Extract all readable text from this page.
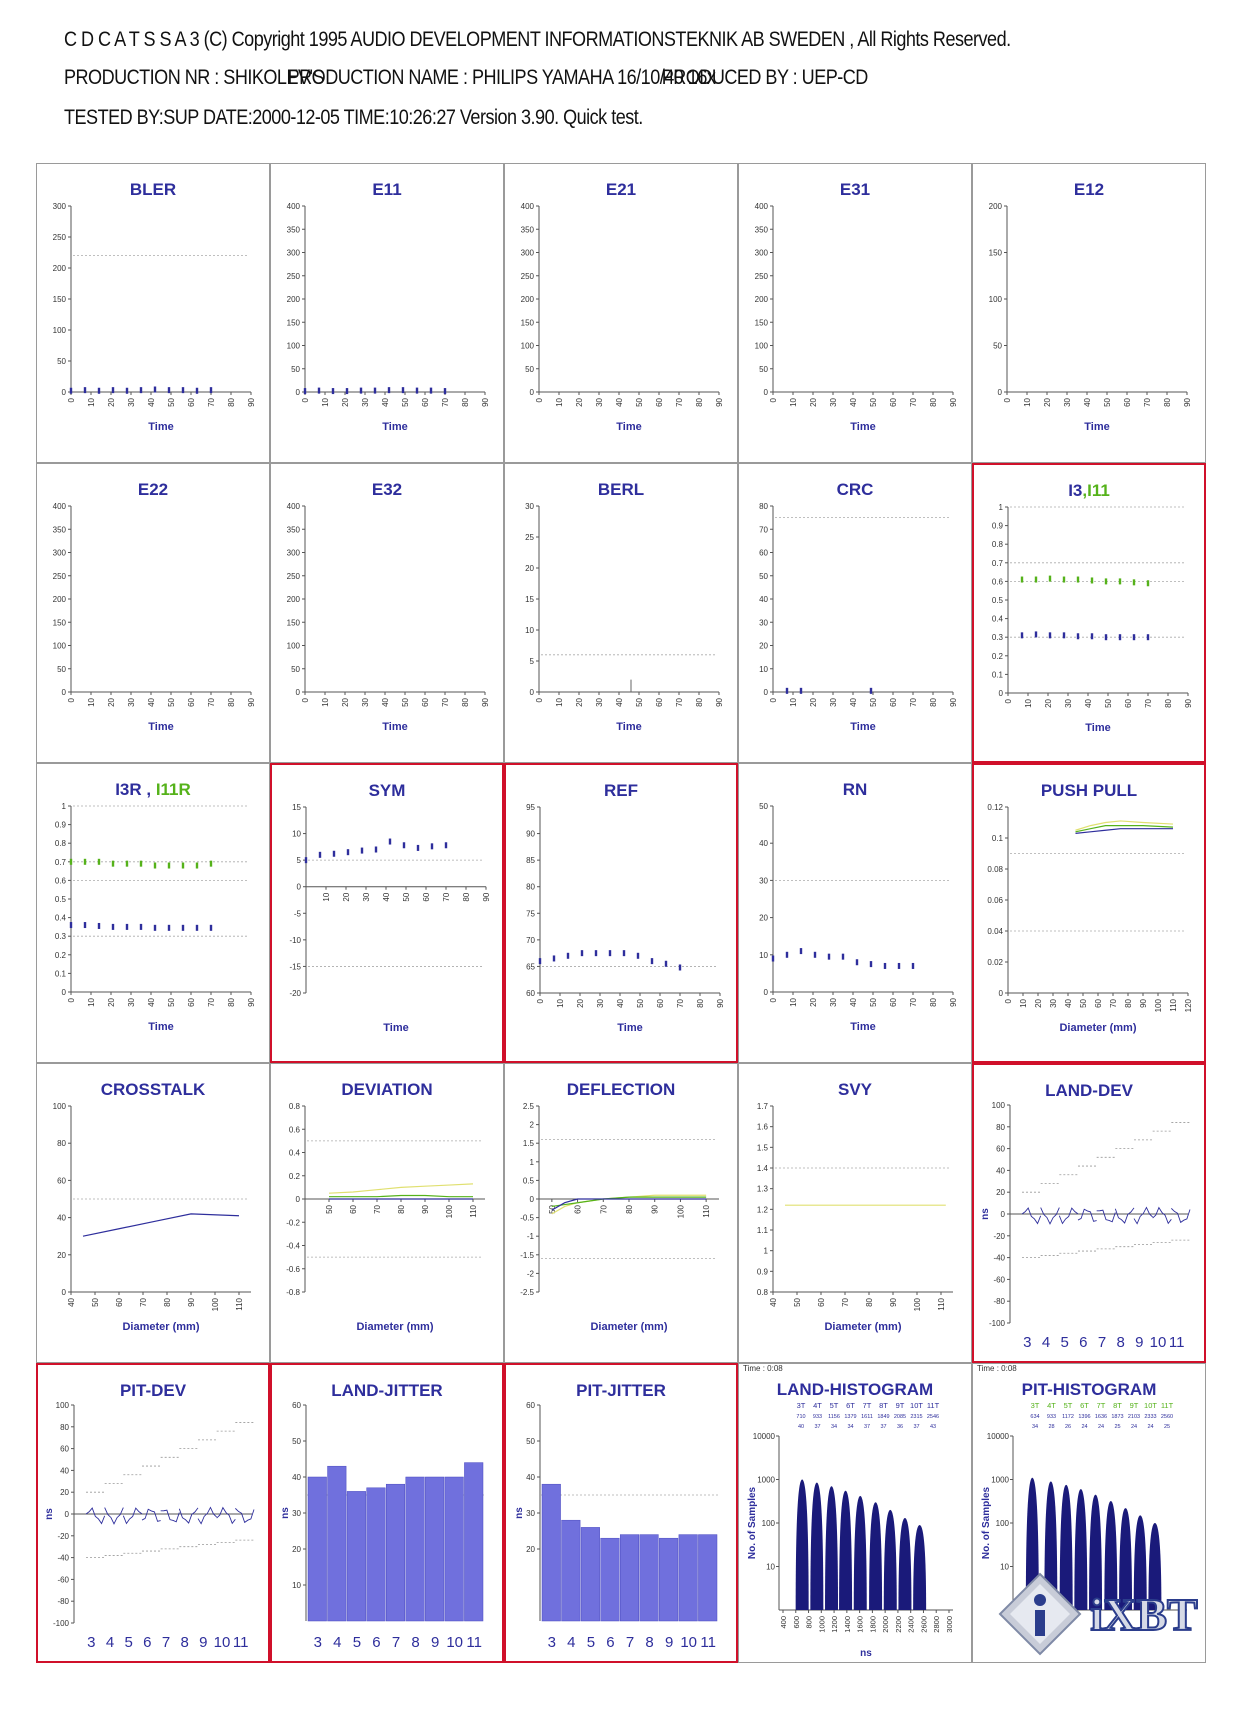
C D C A T S S A 3 (C) Copyright 1995 AUDIO DEVELOPMENT INFORMATIONSTEKNIK AB SWEDEN , All Rights Reserved.
PRODUCTION NR : SHIKOLEV'SPRODUCTION NAME : PHILIPS YAMAHA 16/10/40 16xPRODUCED BY : UEP-CD
TESTED BY:SUP DATE:2000-12-05 TIME:10:26:27 Version 3.90. Quick test.
BLER
0
50
100
150
200
250
300
0 10 20 30 40 50 60 70 80 90
Time
E11
0
50
100
150
200
250
300
350
400
0 10 20 30 40 50 60 70 80 90
Time
E21
0
50
100
150
200
250
300
350
400
0 10 20 30 40 50 60 70 80 90
Time
E31
0
50
100
150
200
250
300
350
400
0 10 20 30 40 50 60 70 80 90
Time
E12
0
50
100
150
200
0 10 20 30 40 50 60 70 80 90
Time
E22
0
50
100
150
200
250
300
350
400
0 10 20 30 40 50 60 70 80 90
Time
E32
0
50
100
150
200
250
300
350
400
0 10 20 30 40 50 60 70 80 90
Time
BERL
0
5
10
15
20
25
30
0 10 20 30 40 50 60 70 80 90
Time
CRC
0
10
20
30
40
50
60
70
80
0 10 20 30 40 50 60 70 80 90
Time
I3,I11
0
0.1
0.2
0.3
0.4
0.5
0.6
0.7
0.8
0.9
1
0 10 20 30 40 50 60 70 80 90
Time
I3R , I11R
0
0.1
0.2
0.3
0.4
0.5
0.6
0.7
0.8
0.9
1
0 10 20 30 40 50 60 70 80 90
Time
SYM
-20
-15
-10
-5
0
5
10
15
10 20 30 40 50 60 70 80 90
Time
REF
60
65
70
75
80
85
90
95
0 10 20 30 40 50 60 70 80 90
Time
RN
0
10
20
30
40
50
0 10 20 30 40 50 60 70 80 90
Time
PUSH PULL
0
0.02
0.04
0.06
0.08
0.1
0.12
0 10 20 30 40 50 60 70 80 90 100 110 120
Diameter (mm)
CROSSTALK
0
20
40
60
80
100
40 50 60 70 80 90 100 110
Diameter (mm)
DEVIATION
-0.8
-0.6
-0.4
-0.2
0
0.2
0.4
0.6
0.8
50 60 70 80 90 100 110
Diameter (mm)
DEFLECTION
-2.5
-2
-1.5
-1
-0.5
0
0.5
1
1.5
2
2.5
50 60 70 80 90 100 110
Diameter (mm)
SVY
0.8
0.9
1
1.1
1.2
1.3
1.4
1.5
1.6
1.7
40 50 60 70 80 90 100 110
Diameter (mm)
LAND-DEV
-100
-80
-60
-40
-20
0
20
40
60
80
100
ns
3 4 5 6 7 8 9 10 11
PIT-DEV
-100
-80
-60
-40
-20
0
20
40
60
80
100
ns
3 4 5 6 7 8 9 10 11
LAND-JITTER
10
20
30
40
50
60
ns
3 4 5 6 7 8 9 10 11
PIT-JITTER
20
30
40
50
60
ns
3 4 5 6 7 8 9 10 11
LAND-HISTOGRAM
Time : 0:08
10
100
1000
10000
No. of Samples
3T
710
40
4T
933
37
5T
1156
34
6T
1379
34
7T
1611
37
8T
1849
37
9T
2085
36
10T
2315
37
11T
2546
43
400 600 800 1000 1200 1400 1600 1800 2000 2200 2400 2600 2800 3000
ns
PIT-HISTOGRAM
Time : 0:08
10
100
1000
10000
No. of Samples
3T
634
34
4T
933
28
5T
1172
26
6T
1396
24
7T
1636
24
8T
1873
25
9T
2103
24
10T
2333
24
11T
2560
25
iXBT
